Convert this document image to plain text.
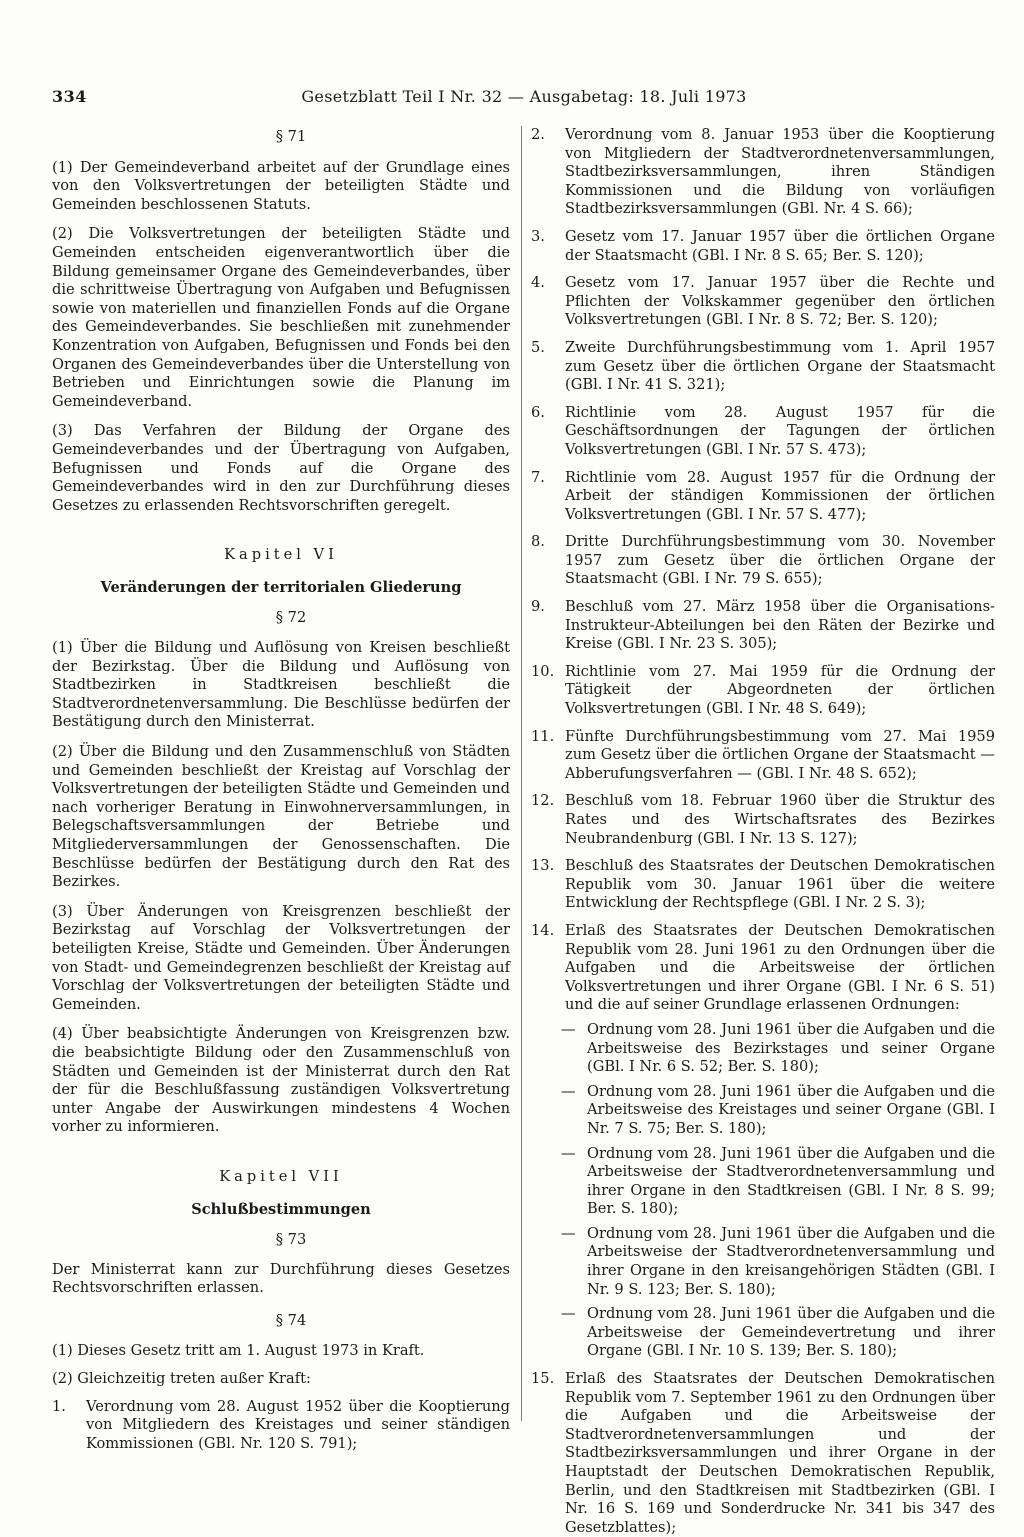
334	Gesetzblatt Teil I Nr. 32 — Ausgabetag: 18. Juli 1973

§ 71

(1) Der Gemeindeverband arbeitet auf der Grundlage eines von den Volksvertretungen der beteiligten Städte und Gemeinden beschlossenen Statuts.

(2) Die Volksvertretungen der beteiligten Städte und Gemeinden entscheiden eigenverantwortlich über die Bildung gemeinsamer Organe des Gemeindeverbandes, über die schrittweise Übertragung von Aufgaben und Befugnissen sowie von materiellen und finanziellen Fonds auf die Organe des Gemeindeverbandes. Sie beschließen mit zunehmender Konzentration von Aufgaben, Befugnissen und Fonds bei den Organen des Gemeindeverbandes über die Unterstellung von Betrieben und Einrichtungen sowie die Planung im Gemeindeverband.

(3) Das Verfahren der Bildung der Organe des Gemeindeverbandes und der Übertragung von Aufgaben, Befugnissen und Fonds auf die Organe des Gemeindeverbandes wird in den zur Durchführung dieses Gesetzes zu erlassenden Rechtsvorschriften geregelt.

Kapitel VI

Veränderungen der territorialen Gliederung

§ 72

(1) Über die Bildung und Auflösung von Kreisen beschließt der Bezirkstag. Über die Bildung und Auflösung von Stadtbezirken in Stadtkreisen beschließt die Stadtverordnetenversammlung. Die Beschlüsse bedürfen der Bestätigung durch den Ministerrat.

(2) Über die Bildung und den Zusammenschluß von Städten und Gemeinden beschließt der Kreistag auf Vorschlag der Volksvertretungen der beteiligten Städte und Gemeinden und nach vorheriger Beratung in Einwohnerversammlungen, in Belegschaftsversammlungen der Betriebe und Mitgliederversammlungen der Genossenschaften. Die Beschlüsse bedürfen der Bestätigung durch den Rat des Bezirkes.

(3) Über Änderungen von Kreisgrenzen beschließt der Bezirkstag auf Vorschlag der Volksvertretungen der beteiligten Kreise, Städte und Gemeinden. Über Änderungen von Stadt- und Gemeindegrenzen beschließt der Kreistag auf Vorschlag der Volksvertretungen der beteiligten Städte und Gemeinden.

(4) Über beabsichtigte Änderungen von Kreisgrenzen bzw. die beabsichtigte Bildung oder den Zusammenschluß von Städten und Gemeinden ist der Ministerrat durch den Rat der für die Beschlußfassung zuständigen Volksvertretung unter Angabe der Auswirkungen mindestens 4 Wochen vorher zu informieren.

Kapitel VII

Schlußbestimmungen

§ 73

Der Ministerrat kann zur Durchführung dieses Gesetzes Rechtsvorschriften erlassen.

§ 74

(1) Dieses Gesetz tritt am 1. August 1973 in Kraft.

(2) Gleichzeitig treten außer Kraft:

1.	Verordnung vom 28. August 1952 über die Kooptierung von Mitgliedern des Kreistages und seiner ständigen Kommissionen (GBl. Nr. 120 S. 791);
2.	Verordnung vom 8. Januar 1953 über die Kooptierung von Mitgliedern der Stadtverordnetenversammlungen, Stadtbezirksversammlungen, ihren Ständigen Kommissionen und die Bildung von vorläufigen Stadtbezirksversammlungen (GBl. Nr. 4 S. 66);
3.	Gesetz vom 17. Januar 1957 über die örtlichen Organe der Staatsmacht (GBl. I Nr. 8 S. 65; Ber. S. 120);
4.	Gesetz vom 17. Januar 1957 über die Rechte und Pflichten der Volkskammer gegenüber den örtlichen Volksvertretungen (GBl. I Nr. 8 S. 72; Ber. S. 120);
5.	Zweite Durchführungsbestimmung vom 1. April 1957 zum Gesetz über die örtlichen Organe der Staatsmacht (GBl. I Nr. 41 S. 321);
6.	Richtlinie vom 28. August 1957 für die Geschäftsordnungen der Tagungen der örtlichen Volksvertretungen (GBl. I Nr. 57 S. 473);
7.	Richtlinie vom 28. August 1957 für die Ordnung der Arbeit der ständigen Kommissionen der örtlichen Volksvertretungen (GBl. I Nr. 57 S. 477);
8.	Dritte Durchführungsbestimmung vom 30. November 1957 zum Gesetz über die örtlichen Organe der Staatsmacht (GBl. I Nr. 79 S. 655);
9.	Beschluß vom 27. März 1958 über die Organisations-Instrukteur-Abteilungen bei den Räten der Bezirke und Kreise (GBl. I Nr. 23 S. 305);
10. Richtlinie vom 27. Mai 1959 für die Ordnung der Tätigkeit der Abgeordneten der örtlichen Volksvertretungen (GBl. I Nr. 48 S. 649);
11. Fünfte Durchführungsbestimmung vom 27. Mai 1959 zum Gesetz über die örtlichen Organe der Staatsmacht — Abberufungsverfahren — (GBl. I Nr. 48 S. 652);
12. Beschluß vom 18. Februar 1960 über die Struktur des Rates und des Wirtschaftsrates des Bezirkes Neubrandenburg (GBl. I Nr. 13 S. 127);
13. Beschluß des Staatsrates der Deutschen Demokratischen Republik vom 30. Januar 1961 über die weitere Entwicklung der Rechtspflege (GBl. I Nr. 2 S. 3);
14. Erlaß des Staatsrates der Deutschen Demokratischen Republik vom 28. Juni 1961 zu den Ordnungen über die Aufgaben und die Arbeitsweise der örtlichen Volksvertretungen und ihrer Organe (GBl. I Nr. 6 S. 51) und die auf seiner Grundlage erlassenen Ordnungen:
— Ordnung vom 28. Juni 1961 über die Aufgaben und die Arbeitsweise des Bezirkstages und seiner Organe (GBl. I Nr. 6 S. 52; Ber. S. 180);
— Ordnung vom 28. Juni 1961 über die Aufgaben und die Arbeitsweise des Kreistages und seiner Organe (GBl. I Nr. 7 S. 75; Ber. S. 180);
— Ordnung vom 28. Juni 1961 über die Aufgaben und die Arbeitsweise der Stadtverordnetenversammlung und ihrer Organe in den Stadtkreisen (GBl. I Nr. 8 S. 99; Ber. S. 180);
— Ordnung vom 28. Juni 1961 über die Aufgaben und die Arbeitsweise der Stadtverordnetenversammlung und ihrer Organe in den kreisangehörigen Städten (GBl. I Nr. 9 S. 123; Ber. S. 180);
— Ordnung vom 28. Juni 1961 über die Aufgaben und die Arbeitsweise der Gemeindevertretung und ihrer Organe (GBl. I Nr. 10 S. 139; Ber. S. 180);
15. Erlaß des Staatsrates der Deutschen Demokratischen Republik vom 7. September 1961 zu den Ordnungen über die Aufgaben und die Arbeitsweise der Stadtverordnetenversammlungen und der Stadtbezirksversammlungen und ihrer Organe in der Hauptstadt der Deutschen Demokratischen Republik, Berlin, und den Stadtkreisen mit Stadtbezirken (GBl. I Nr. 16 S. 169 und Sonderdrucke Nr. 341 bis 347 des Gesetzblattes);
